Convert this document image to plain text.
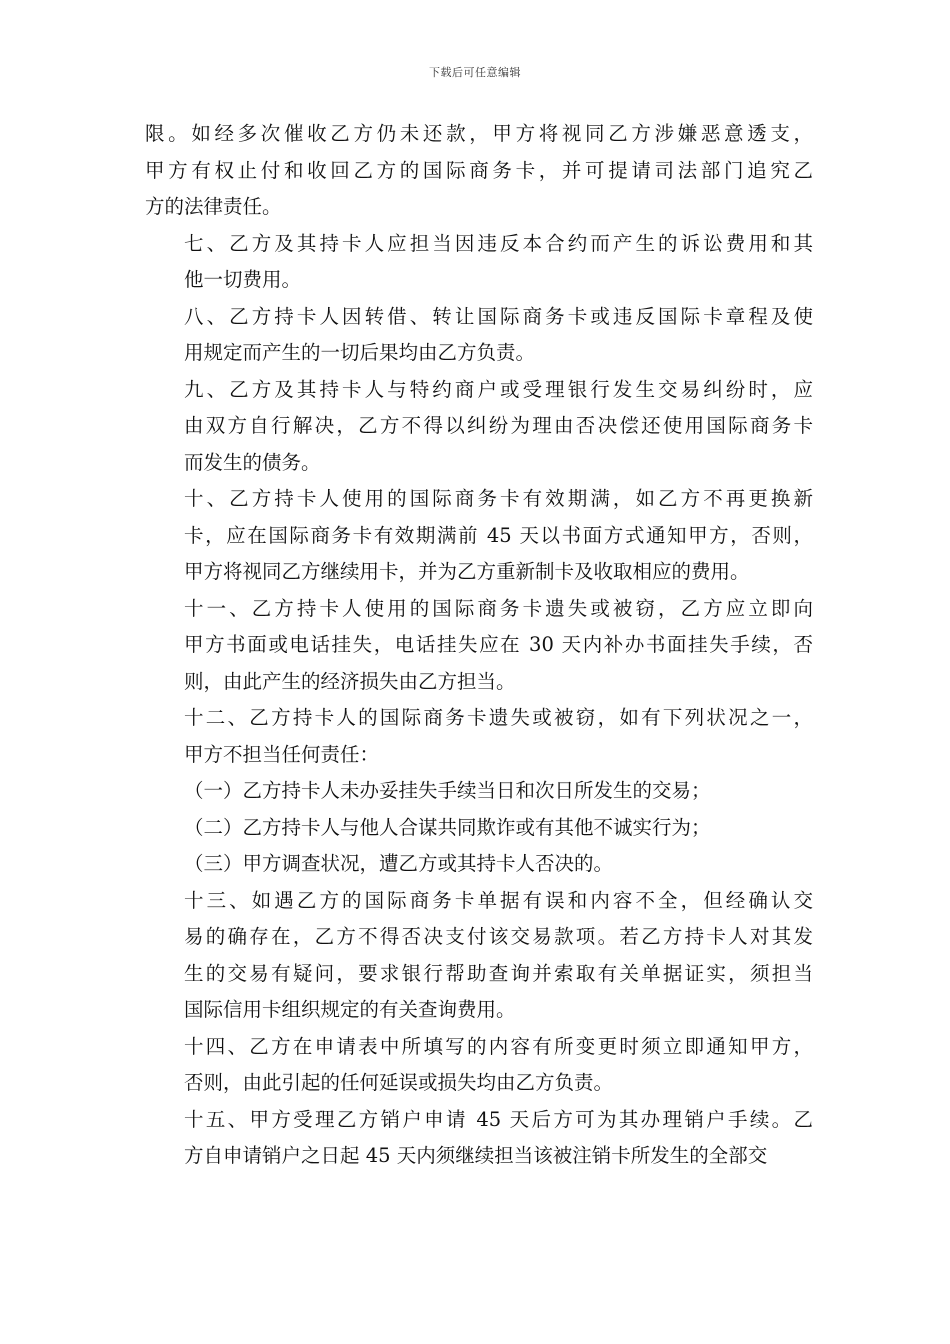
下载后可任意编辑

限。如经多次催收乙方仍未还款，甲方将视同乙方涉嫌恶意透支，
甲方有权止付和收回乙方的国际商务卡，并可提请司法部门追究乙
方的法律责任。

七、乙方及其持卡人应担当因违反本合约而产生的诉讼费用和其
他一切费用。

八、乙方持卡人因转借、转让国际商务卡或违反国际卡章程及使
用规定而产生的一切后果均由乙方负责。

九、乙方及其持卡人与特约商户或受理银行发生交易纠纷时，应
由双方自行解决，乙方不得以纠纷为理由否决偿还使用国际商务卡
而发生的债务。

十、乙方持卡人使用的国际商务卡有效期满，如乙方不再更换新
卡，应在国际商务卡有效期满前 45 天以书面方式通知甲方，否则，
甲方将视同乙方继续用卡，并为乙方重新制卡及收取相应的费用。

十一、乙方持卡人使用的国际商务卡遗失或被窃，乙方应立即向
甲方书面或电话挂失，电话挂失应在 30 天内补办书面挂失手续，否
则，由此产生的经济损失由乙方担当。

十二、乙方持卡人的国际商务卡遗失或被窃，如有下列状况之一，
甲方不担当任何责任：

（一）乙方持卡人未办妥挂失手续当日和次日所发生的交易；

（二）乙方持卡人与他人合谋共同欺诈或有其他不诚实行为；

（三）甲方调查状况，遭乙方或其持卡人否决的。

十三、如遇乙方的国际商务卡单据有误和内容不全，但经确认交
易的确存在，乙方不得否决支付该交易款项。若乙方持卡人对其发
生的交易有疑问，要求银行帮助查询并索取有关单据证实，须担当
国际信用卡组织规定的有关查询费用。

十四、乙方在申请表中所填写的内容有所变更时须立即通知甲方，
否则，由此引起的任何延误或损失均由乙方负责。

十五、甲方受理乙方销户申请 45 天后方可为其办理销户手续。乙
方自申请销户之日起 45 天内须继续担当该被注销卡所发生的全部交
